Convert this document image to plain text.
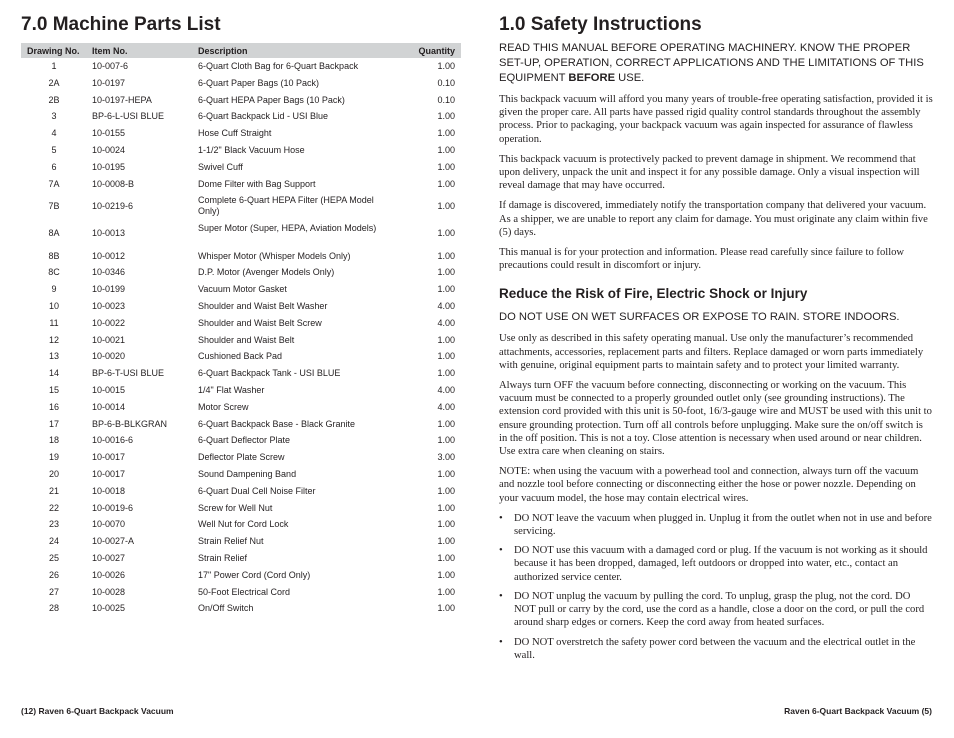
7.0 Machine Parts List
Drawing No.	Item No.	Description	Quantity
1	10-007-6	6-Quart Cloth Bag for 6-Quart Backpack	1.00
2A	10-0197	6-Quart Paper Bags (10 Pack)	0.10
2B	10-0197-HEPA	6-Quart HEPA Paper Bags (10 Pack)	0.10
3	BP-6-L-USI BLUE	6-Quart Backpack Lid - USI Blue	1.00
4	10-0155	Hose Cuff Straight	1.00
5	10-0024	1-1/2" Black Vacuum Hose	1.00
6	10-0195	Swivel Cuff	1.00
7A	10-0008-B	Dome Filter with Bag Support	1.00
7B	10-0219-6	Complete 6-Quart HEPA Filter (HEPA Model Only)	1.00
8A	10-0013	Super Motor (Super, HEPA, Aviation Models)	1.00
8B	10-0012	Whisper Motor (Whisper Models Only)	1.00
8C	10-0346	D.P. Motor (Avenger Models Only)	1.00
9	10-0199	Vacuum Motor Gasket	1.00
10	10-0023	Shoulder and Waist Belt Washer	4.00
11	10-0022	Shoulder and Waist Belt Screw	4.00
12	10-0021	Shoulder and Waist Belt	1.00
13	10-0020	Cushioned Back Pad	1.00
14	BP-6-T-USI BLUE	6-Quart Backpack Tank - USI BLUE	1.00
15	10-0015	1/4" Flat Washer	4.00
16	10-0014	Motor Screw	4.00
17	BP-6-B-BLKGRAN	6-Quart Backpack Base - Black Granite	1.00
18	10-0016-6	6-Quart Deflector Plate	1.00
19	10-0017	Deflector Plate Screw	3.00
20	10-0017	Sound Dampening Band	1.00
21	10-0018	6-Quart Dual Cell Noise Filter	1.00
22	10-0019-6	Screw for Well Nut	1.00
23	10-0070	Well Nut for Cord Lock	1.00
24	10-0027-A	Strain Relief Nut	1.00
25	10-0027	Strain Relief	1.00
26	10-0026	17" Power Cord (Cord Only)	1.00
27	10-0028	50-Foot Electrical Cord	1.00
28	10-0025	On/Off Switch	1.00
(12) Raven 6-Quart Backpack Vacuum
1.0 Safety Instructions

READ THIS MANUAL BEFORE OPERATING MACHINERY. KNOW THE PROPER SET-UP, OPERATION, CORRECT APPLICATIONS AND THE LIMITATIONS OF THIS EQUIPMENT BEFORE USE.

This backpack vacuum will afford you many years of trouble-free operating satisfaction, provided it is given the proper care. All parts have passed rigid quality control standards throughout the assembly process. Prior to packaging, your backpack vacuum was again inspected for assurance of flawless operation.

This backpack vacuum is protectively packed to prevent damage in shipment. We recommend that upon delivery, unpack the unit and inspect it for any possible damage. Only a visual inspection will reveal damage that may have occurred.

If damage is discovered, immediately notify the transportation company that delivered your vacuum. As a shipper, we are unable to report any claim for damage. You must originate any claim within five (5) days.

This manual is for your protection and information. Please read carefully since failure to follow precautions could result in discomfort or injury.

Reduce the Risk of Fire, Electric Shock or Injury

DO NOT USE ON WET SURFACES OR EXPOSE TO RAIN. STORE INDOORS.

Use only as described in this safety operating manual. Use only the manufacturer’s recommended attachments, accessories, replacement parts and filters. Replace damaged or worn parts immediately with genuine, original equipment parts to maintain safety and to protect your limited warranty.

Always turn OFF the vacuum before connecting, disconnecting or working on the vacuum. This vacuum must be connected to a properly grounded outlet only (see grounding instructions). The extension cord provided with this unit is 50-foot, 16/3-gauge wire and MUST be used with this unit to ensure grounding protection. Turn off all controls before unplugging. Make sure the on/off switch is in the off position. This is not a toy. Close attention is necessary when used around or near children. Use extra care when cleaning on stairs.

NOTE: when using the vacuum with a powerhead tool and connection, always turn off the vacuum and nozzle tool before connecting or disconnecting either the hose or power nozzle. Depending on your vacuum model, the hose may contain electrical wires.

• DO NOT leave the vacuum when plugged in. Unplug it from the outlet when not in use and before servicing.
• DO NOT use this vacuum with a damaged cord or plug. If the vacuum is not working as it should because it has been dropped, damaged, left outdoors or dropped into water, etc., contact an authorized service center.
• DO NOT unplug the vacuum by pulling the cord. To unplug, grasp the plug, not the cord. DO NOT pull or carry by the cord, use the cord as a handle, close a door on the cord, or pull the cord around sharp edges or corners. Keep the cord away from heated surfaces.
• DO NOT overstretch the safety power cord between the vacuum and the electrical outlet in the wall.
Raven 6-Quart Backpack Vacuum (5)
